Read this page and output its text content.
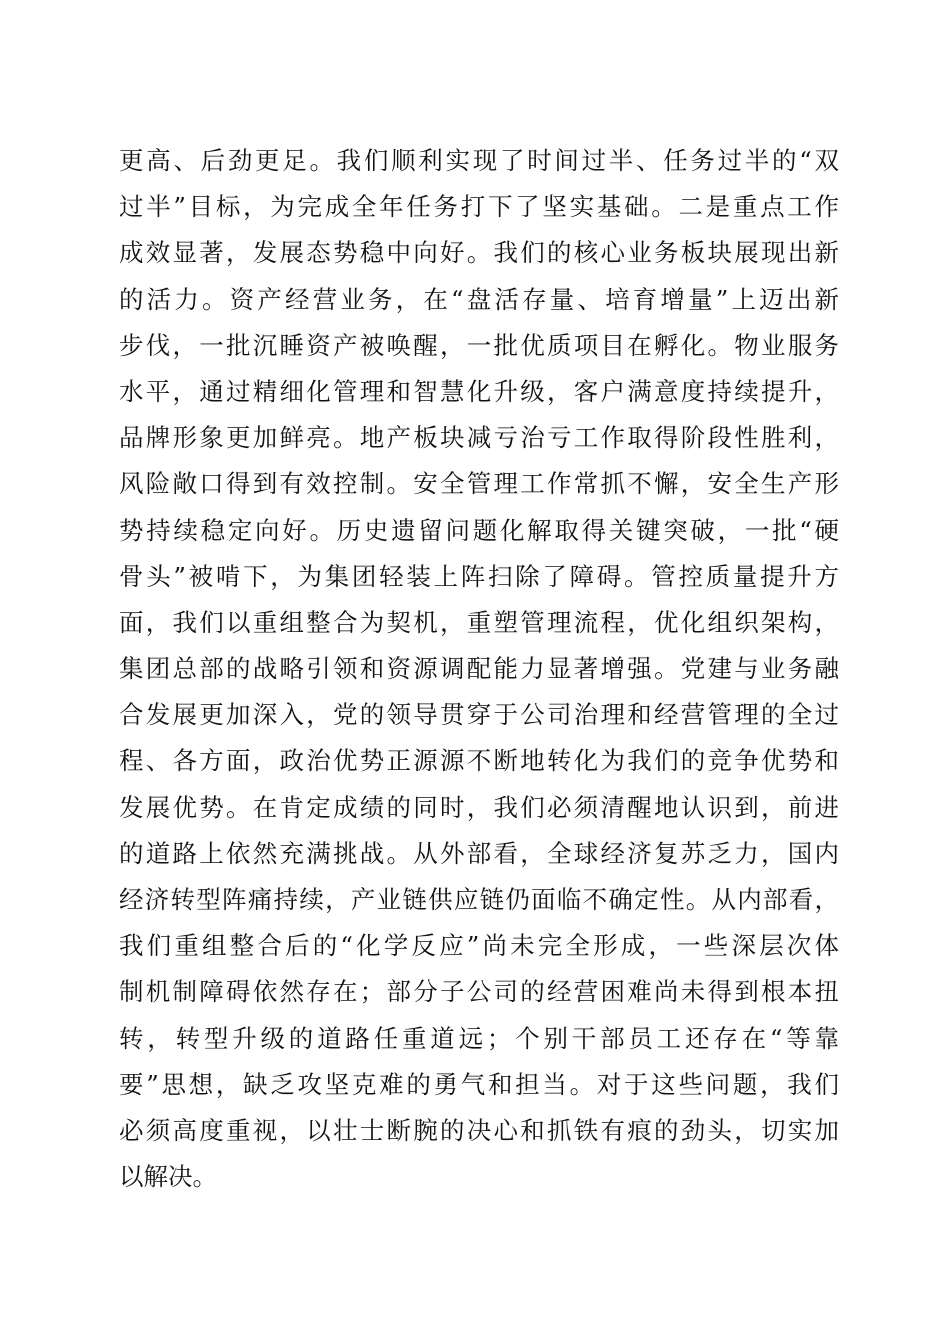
更高、后劲更足。我们顺利实现了时间过半、任务过半的“双
过半”目标，为完成全年任务打下了坚实基础。二是重点工作
成效显著，发展态势稳中向好。我们的核心业务板块展现出新
的活力。资产经营业务，在“盘活存量、培育增量”上迈出新
步伐，一批沉睡资产被唤醒，一批优质项目在孵化。物业服务
水平，通过精细化管理和智慧化升级，客户满意度持续提升，
品牌形象更加鲜亮。地产板块减亏治亏工作取得阶段性胜利，
风险敞口得到有效控制。安全管理工作常抓不懈，安全生产形
势持续稳定向好。历史遗留问题化解取得关键突破，一批“硬
骨头”被啃下，为集团轻装上阵扫除了障碍。管控质量提升方
面，我们以重组整合为契机，重塑管理流程，优化组织架构，
集团总部的战略引领和资源调配能力显著增强。党建与业务融
合发展更加深入，党的领导贯穿于公司治理和经营管理的全过
程、各方面，政治优势正源源不断地转化为我们的竞争优势和
发展优势。在肯定成绩的同时，我们必须清醒地认识到，前进
的道路上依然充满挑战。从外部看，全球经济复苏乏力，国内
经济转型阵痛持续，产业链供应链仍面临不确定性。从内部看，
我们重组整合后的“化学反应”尚未完全形成，一些深层次体
制机制障碍依然存在；部分子公司的经营困难尚未得到根本扭
转，转型升级的道路任重道远；个别干部员工还存在“等靠
要”思想，缺乏攻坚克难的勇气和担当。对于这些问题，我们
必须高度重视，以壮士断腕的决心和抓铁有痕的劲头，切实加
以解决。
